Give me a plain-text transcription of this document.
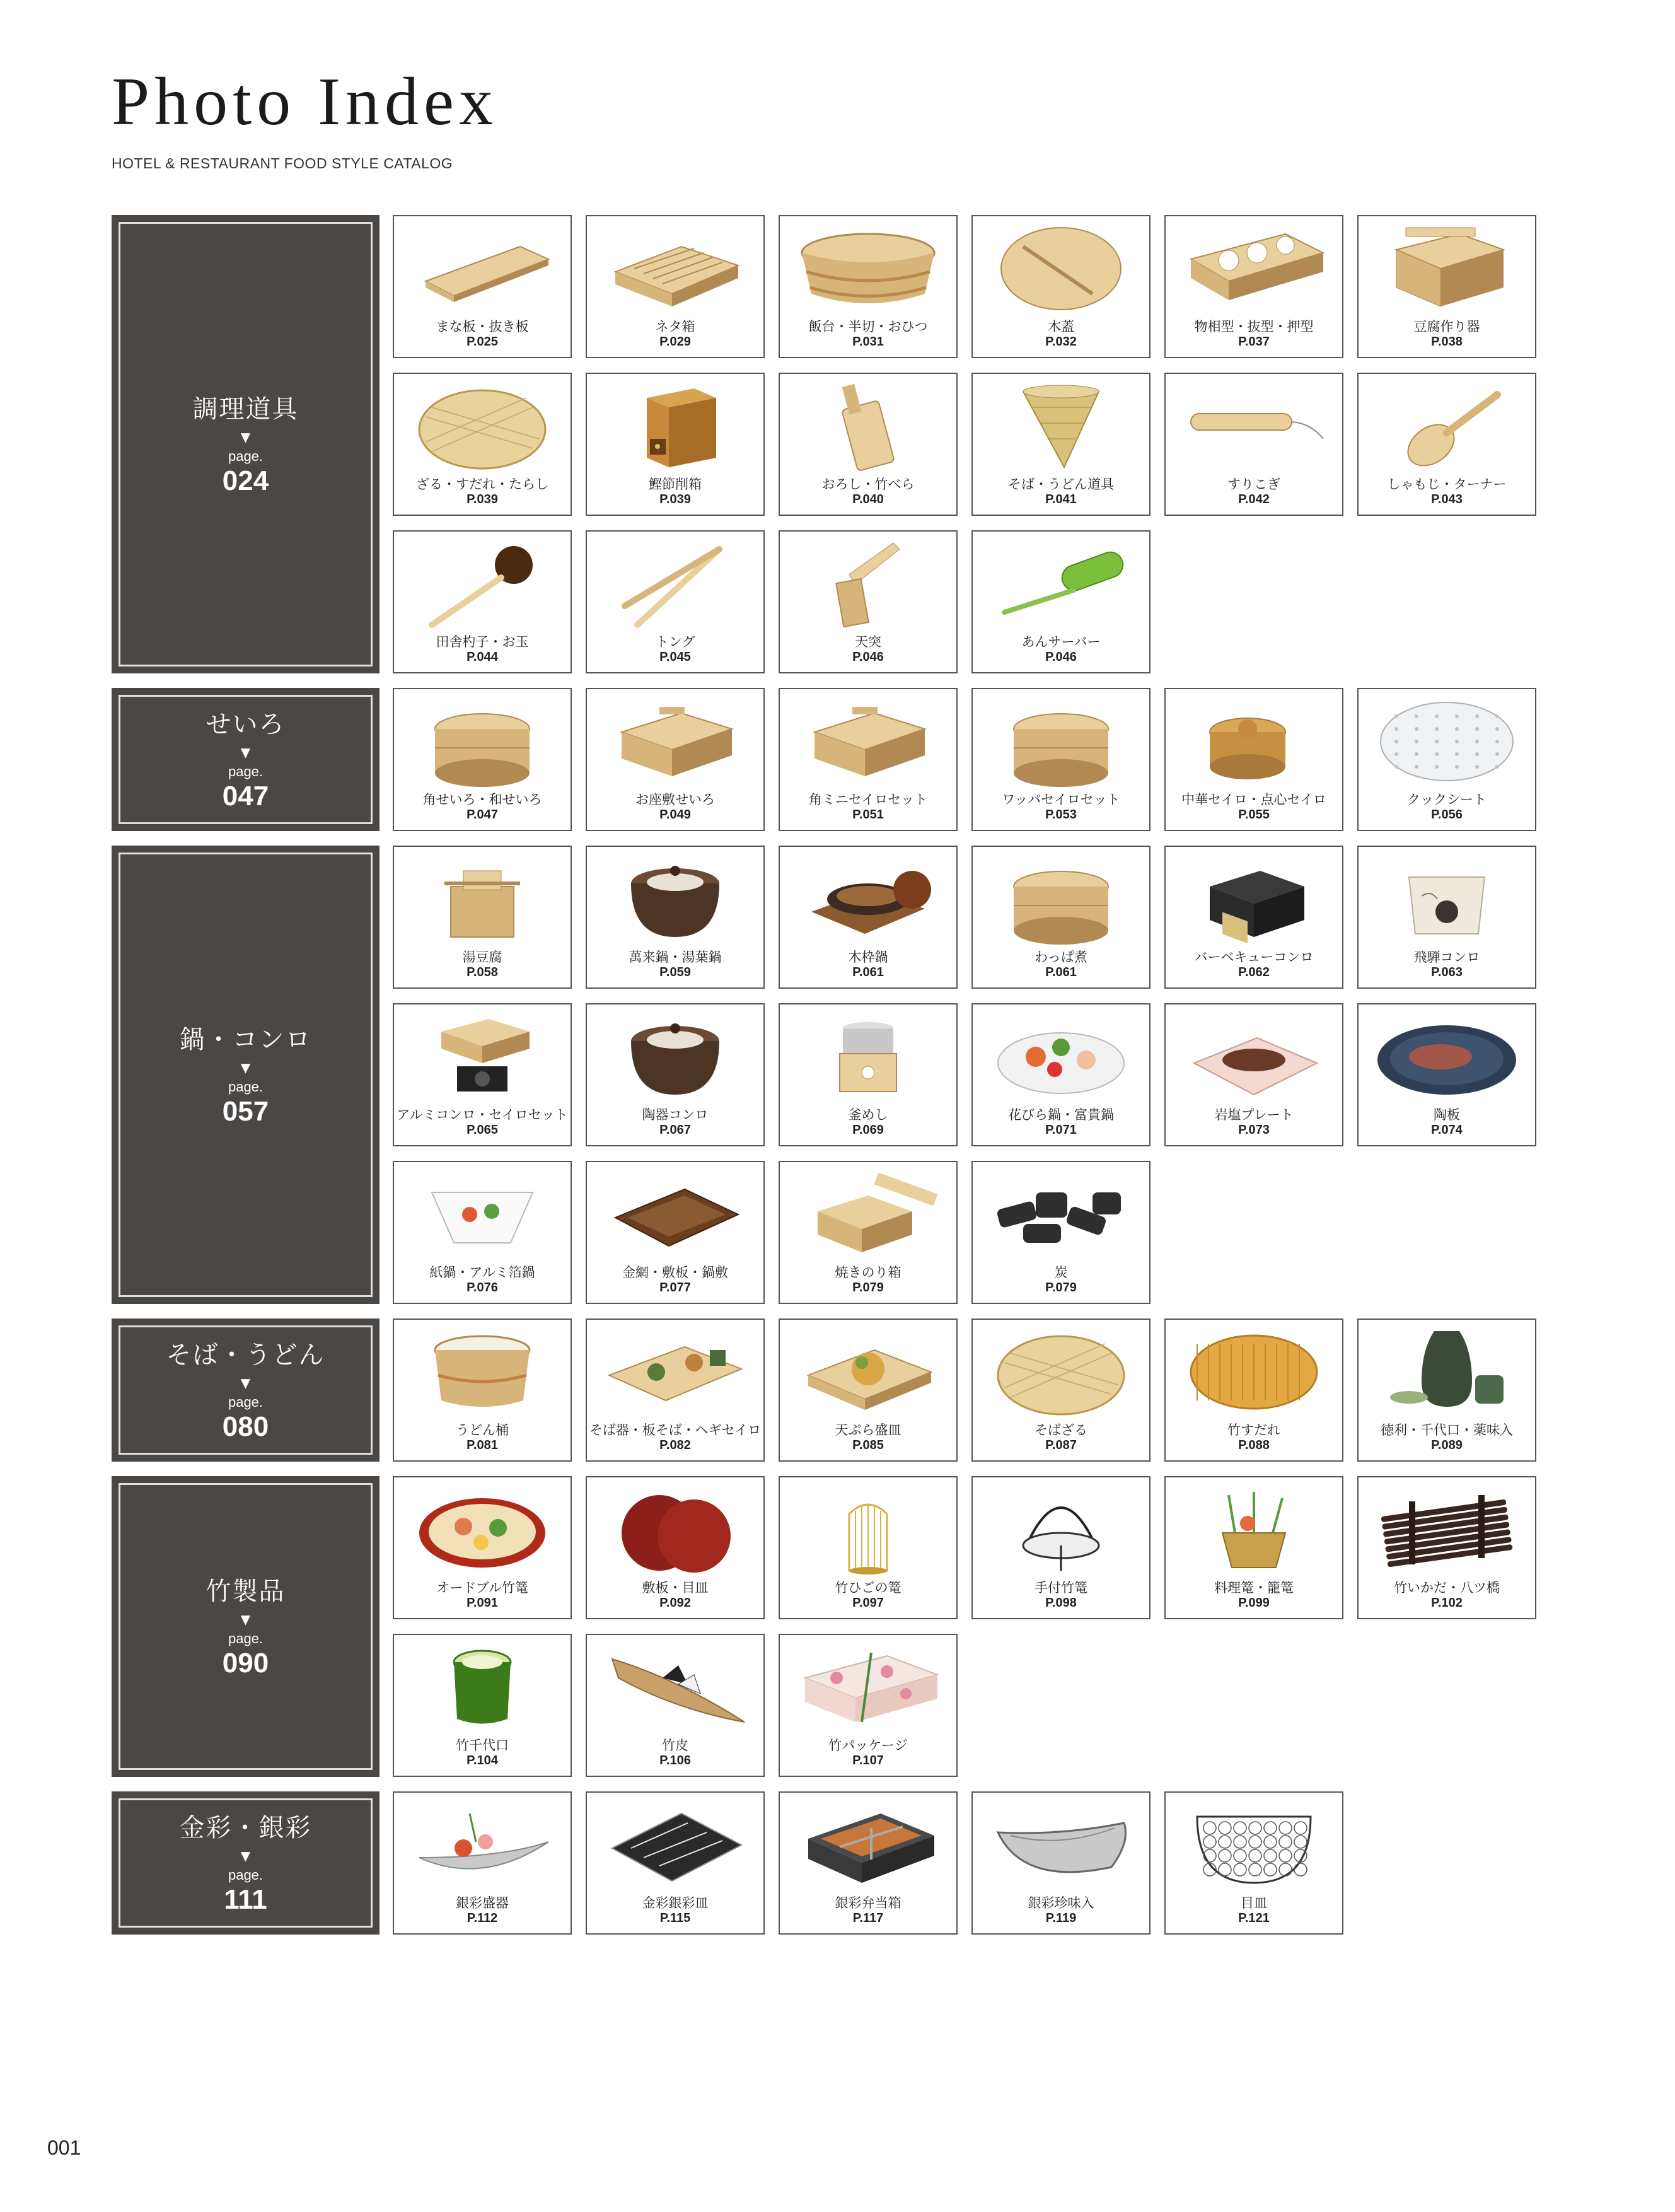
Photo Index
HOTEL & RESTAURANT FOOD STYLE CATALOG
調理道具
▼
page.
024
せいろ
▼
page.
047
鍋・コンロ
▼
page.
057
そば・うどん
▼
page.
080
竹製品
▼
page.
090
金彩・銀彩
▼
page.
111
まな板・抜き板
P.025
ネタ箱
P.029
飯台・半切・おひつ
P.031
木蓋
P.032
物相型・抜型・押型
P.037
豆腐作り器
P.038
ざる・すだれ・たらし
P.039
鰹節削箱
P.039
おろし・竹べら
P.040
そば・うどん道具
P.041
すりこぎ
P.042
しゃもじ・ターナー
P.043
田舎杓子・お玉
P.044
トング
P.045
天突
P.046
あんサーバー
P.046
角せいろ・和せいろ
P.047
お座敷せいろ
P.049
角ミニセイロセット
P.051
ワッパセイロセット
P.053
中華セイロ・点心セイロ
P.055
クックシート
P.056
湯豆腐
P.058
萬来鍋・湯葉鍋
P.059
木枠鍋
P.061
わっぱ煮
P.061
バーベキューコンロ
P.062
飛騨コンロ
P.063
アルミコンロ・セイロセット
P.065
陶器コンロ
P.067
釜めし
P.069
花びら鍋・富貴鍋
P.071
岩塩プレート
P.073
陶板
P.074
紙鍋・アルミ箔鍋
P.076
金網・敷板・鍋敷
P.077
焼きのり箱
P.079
炭
P.079
うどん桶
P.081
そば器・板そば・ヘギセイロ
P.082
天ぷら盛皿
P.085
そばざる
P.087
竹すだれ
P.088
徳利・千代口・薬味入
P.089
オードブル竹篭
P.091
敷板・目皿
P.092
竹ひごの篭
P.097
手付竹篭
P.098
料理篭・籠篭
P.099
竹いかだ・八ツ橋
P.102
竹千代口
P.104
竹皮
P.106
竹パッケージ
P.107
銀彩盛器
P.112
金彩銀彩皿
P.115
銀彩弁当箱
P.117
銀彩珍味入
P.119
目皿
P.121
001
